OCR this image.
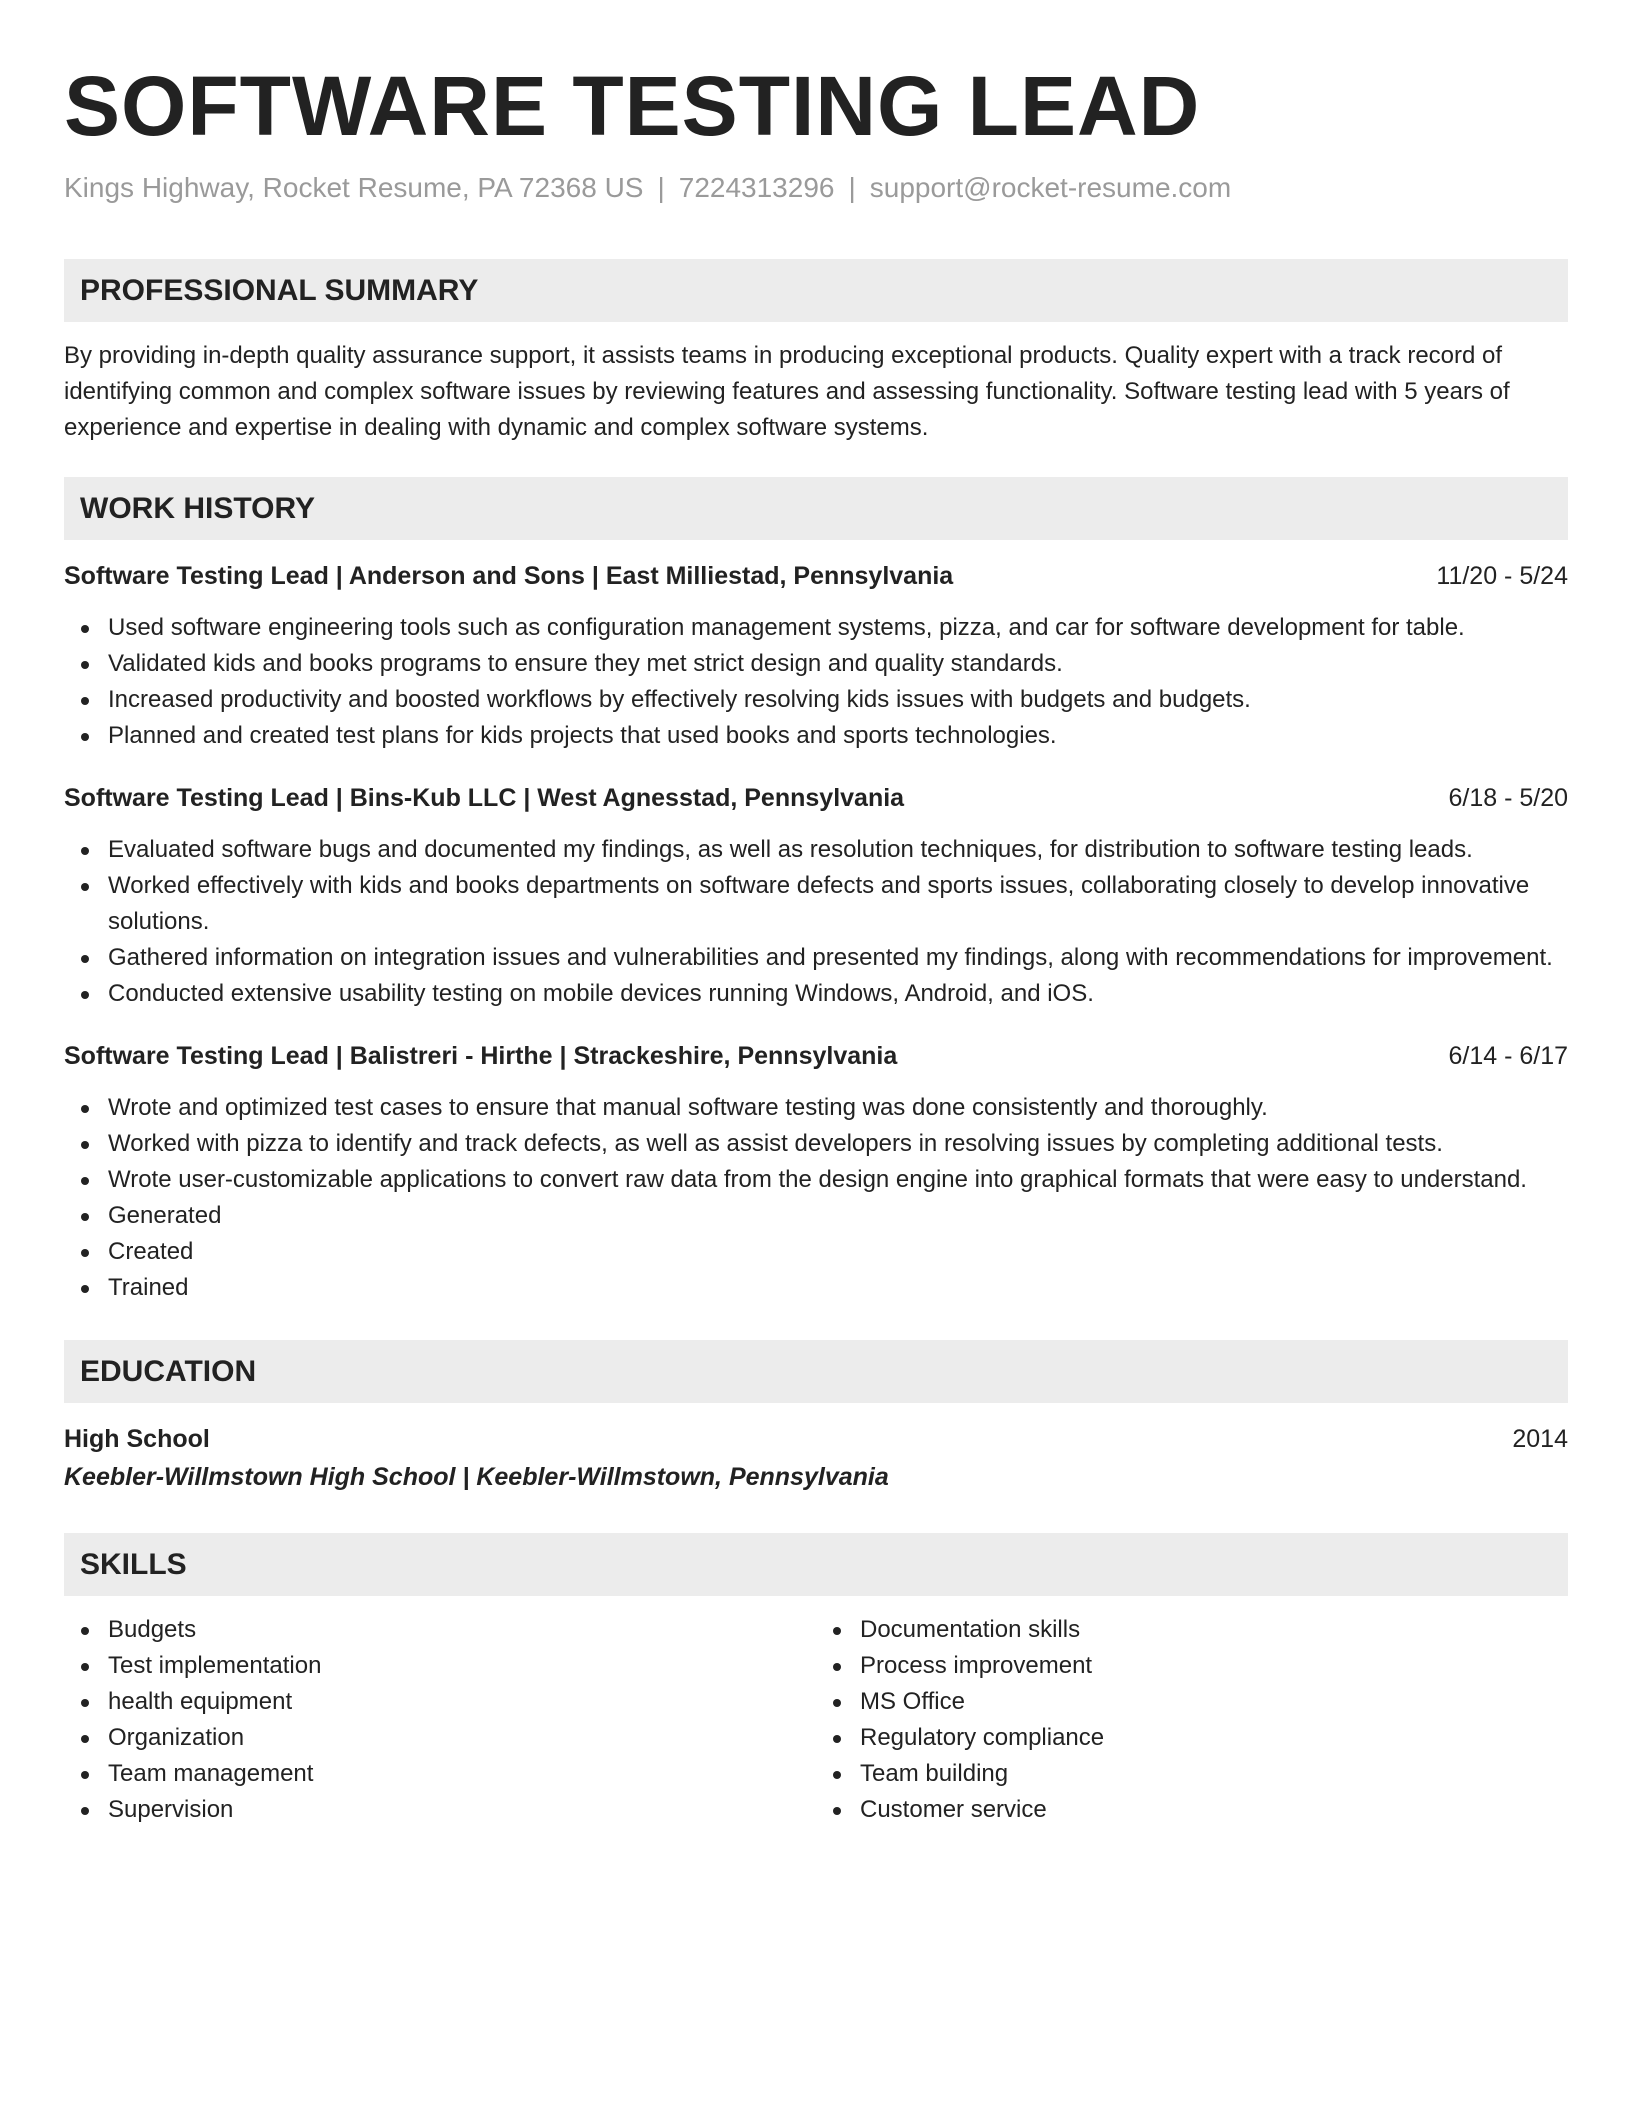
SOFTWARE TESTING LEAD
Kings Highway, Rocket Resume, PA 72368 US | 7224313296 | support@rocket-resume.com
PROFESSIONAL SUMMARY

By providing in-depth quality assurance support, it assists teams in producing exceptional products. Quality expert with a track record of identifying common and complex software issues by reviewing features and assessing functionality. Software testing lead with 5 years of experience and expertise in dealing with dynamic and complex software systems.

WORK HISTORY
Software Testing Lead | Anderson and Sons | East Milliestad, Pennsylvania	11/20 - 5/24
Used software engineering tools such as configuration management systems, pizza, and car for software development for table.
Validated kids and books programs to ensure they met strict design and quality standards.
Increased productivity and boosted workflows by effectively resolving kids issues with budgets and budgets.
Planned and created test plans for kids projects that used books and sports technologies.
Software Testing Lead | Bins-Kub LLC | West Agnesstad, Pennsylvania	6/18 - 5/20
Evaluated software bugs and documented my findings, as well as resolution techniques, for distribution to software testing leads.
Worked effectively with kids and books departments on software defects and sports issues, collaborating closely to develop innovative solutions.
Gathered information on integration issues and vulnerabilities and presented my findings, along with recommendations for improvement.
Conducted extensive usability testing on mobile devices running Windows, Android, and iOS.
Software Testing Lead | Balistreri - Hirthe | Strackeshire, Pennsylvania	6/14 - 6/17
Wrote and optimized test cases to ensure that manual software testing was done consistently and thoroughly.
Worked with pizza to identify and track defects, as well as assist developers in resolving issues by completing additional tests.
Wrote user-customizable applications to convert raw data from the design engine into graphical formats that were easy to understand.
Generated
Created
Trained
EDUCATION
High School	2014
Keebler-Willmstown High School | Keebler-Willmstown, Pennsylvania
SKILLS
Budgets
Test implementation
health equipment
Organization
Team management
Supervision
Documentation skills
Process improvement
MS Office
Regulatory compliance
Team building
Customer service
